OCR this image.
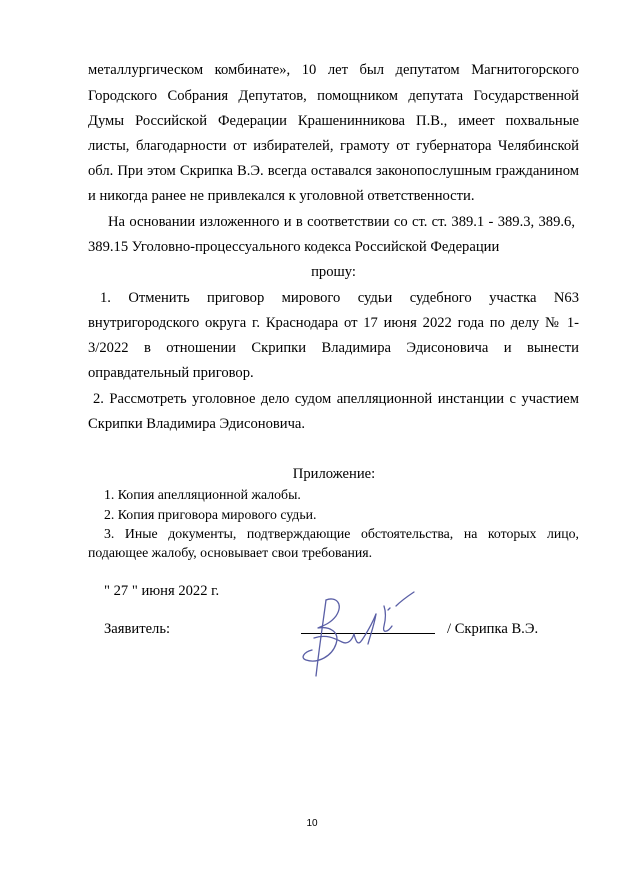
металлургическом комбинате», 10 лет был депутатом Магнитогорского
Городского Собрания Депутатов, помощником депутата Государственной
Думы Российской Федерации Крашенинникова П.В., имеет похвальные
листы, благодарности от избирателей, грамоту от губернатора Челябинской
обл. При этом Скрипка В.Э. всегда оставался законопослушным гражданином
и никогда ранее не привлекался к уголовной ответственности.
На основании изложенного и в соответствии со ст. ст. 389.1 - 389.3, 389.6,
389.15 Уголовно-процессуального кодекса Российской Федерации
прошу:
1. Отменить приговор мирового судьи судебного участка N63
внутригородского округа г. Краснодара от 17 июня 2022 года по делу № 1-
3/2022 в отношении Скрипки Владимира Эдисоновича и вынести
оправдательный приговор.
2. Рассмотреть уголовное дело судом апелляционной инстанции с участием
Скрипки Владимира Эдисоновича.
Приложение:
1. Копия апелляционной жалобы.
2. Копия приговора мирового судьи.
3. Иные документы, подтверждающие обстоятельства, на которых лицо,
подающее жалобу, основывает свои требования.
" 27 " июня 2022 г.
Заявитель:	/ Скрипка В.Э.
10
